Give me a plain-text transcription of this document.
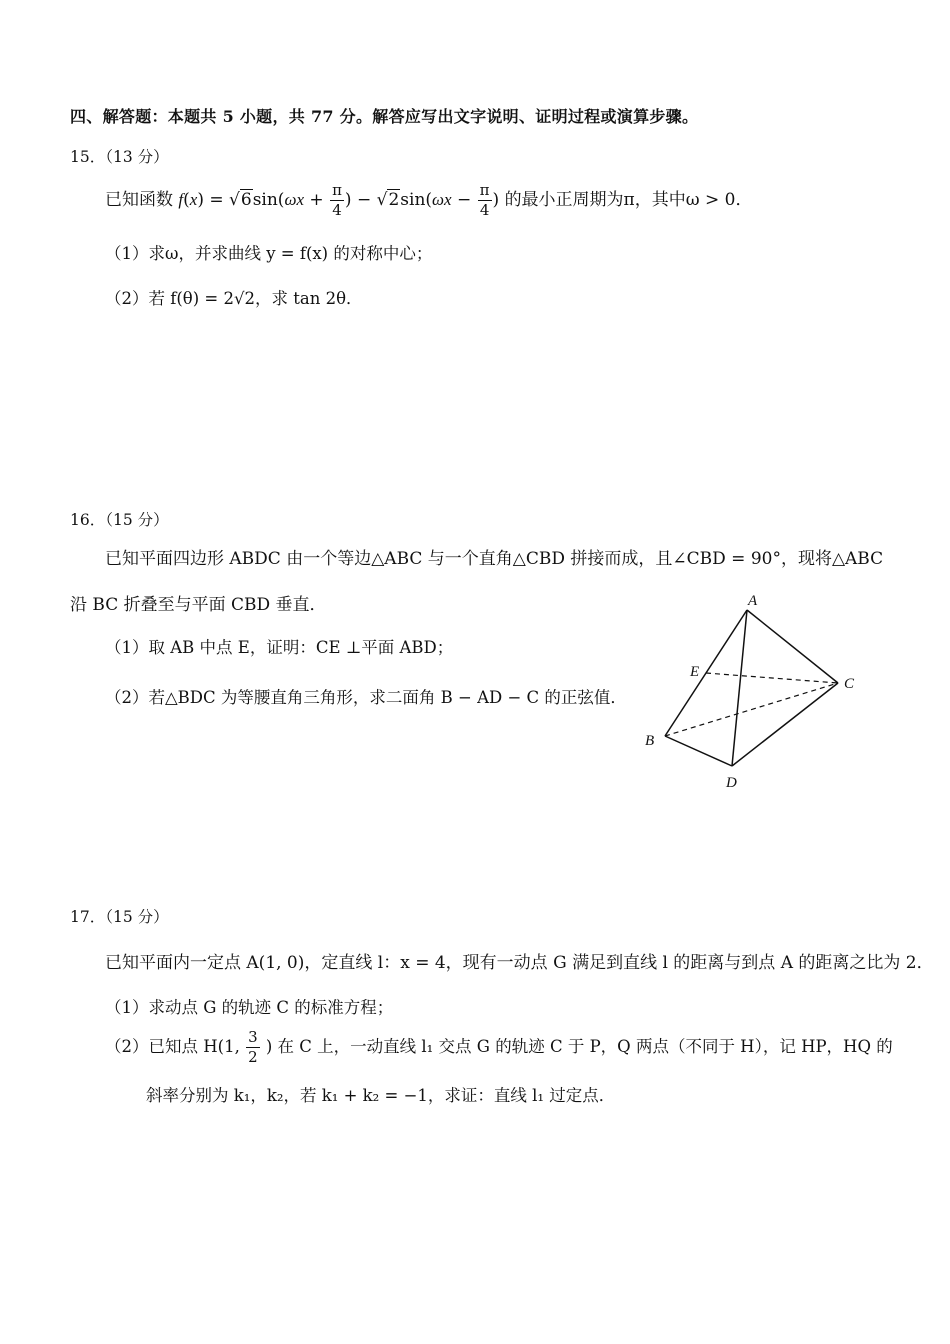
四、解答题：本题共 5 小题，共 77 分。解答应写出文字说明、证明过程或演算步骤。
15．（13 分）
已知函数 $f(x) = √6\sin(\omega x + \frac{\pi}{4}$ ) − $√2\sin(\omega x - \frac{\pi}{4}$ ) 的最小正周期为π，其中ω > 0．
（1）求ω，并求曲线 y = f(x) 的对称中心；
（2）若 f(θ) = 2√2，求 tan 2θ．
16．（15 分）
已知平面四边形 ABDC 由一个等边△ABC 与一个直角△CBD 拼接而成，且∠CBD = 90°，现将△ABC
沿 BC 折叠至与平面 CBD 垂直．
（1）取 AB 中点 E，证明：CE ⊥平面 ABD；
（2）若△BDC 为等腰直角三角形，求二面角 B − AD − C 的正弦值．
A
B
C
D
E
17．（15 分）
已知平面内一定点 A(1, 0)，定直线 l：x = 4，现有一动点 G 满足到直线 l 的距离与到点 A 的距离之比为 2．
（1）求动点 G 的轨迹 C 的标准方程；
（2）已知点 H(1, $\frac{3}{2}$ ) 在 C 上，一动直线 l₁ 交点 G 的轨迹 C 于 P，Q 两点（不同于 H），记 HP，HQ 的
斜率分别为 k₁，k₂，若 k₁ + k₂ = −1，求证：直线 l₁ 过定点．
